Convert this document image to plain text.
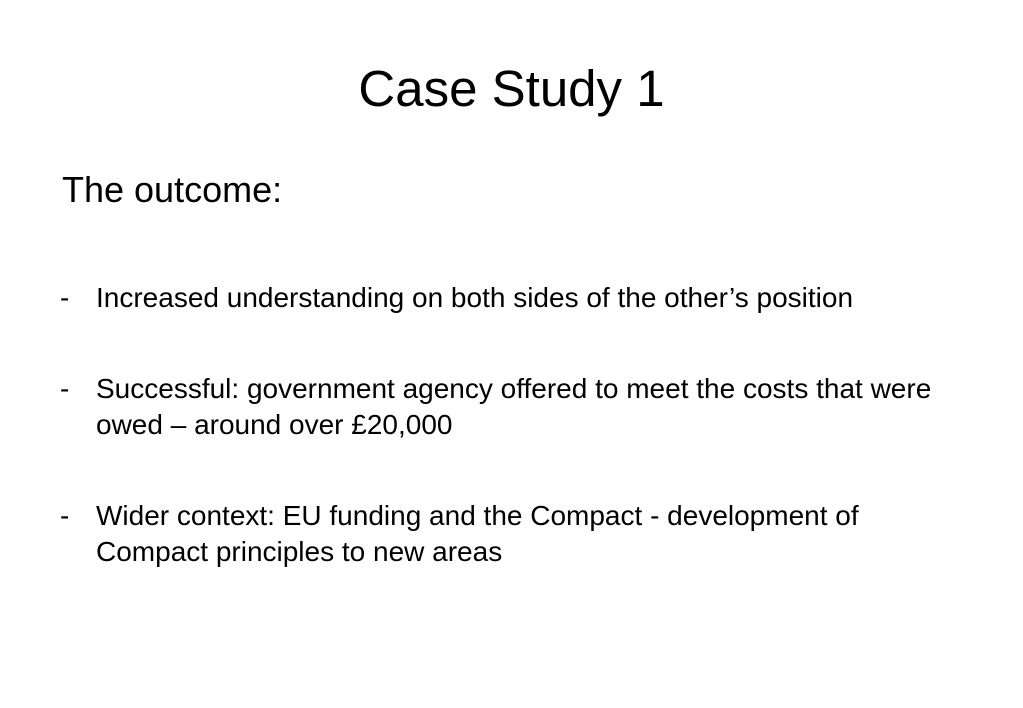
Case Study 1

The outcome:

- Increased understanding on both sides of the other’s position
- Successful: government agency offered to meet the costs that were owed – around over £20,000
- Wider context: EU funding and the Compact - development of Compact principles to new areas
